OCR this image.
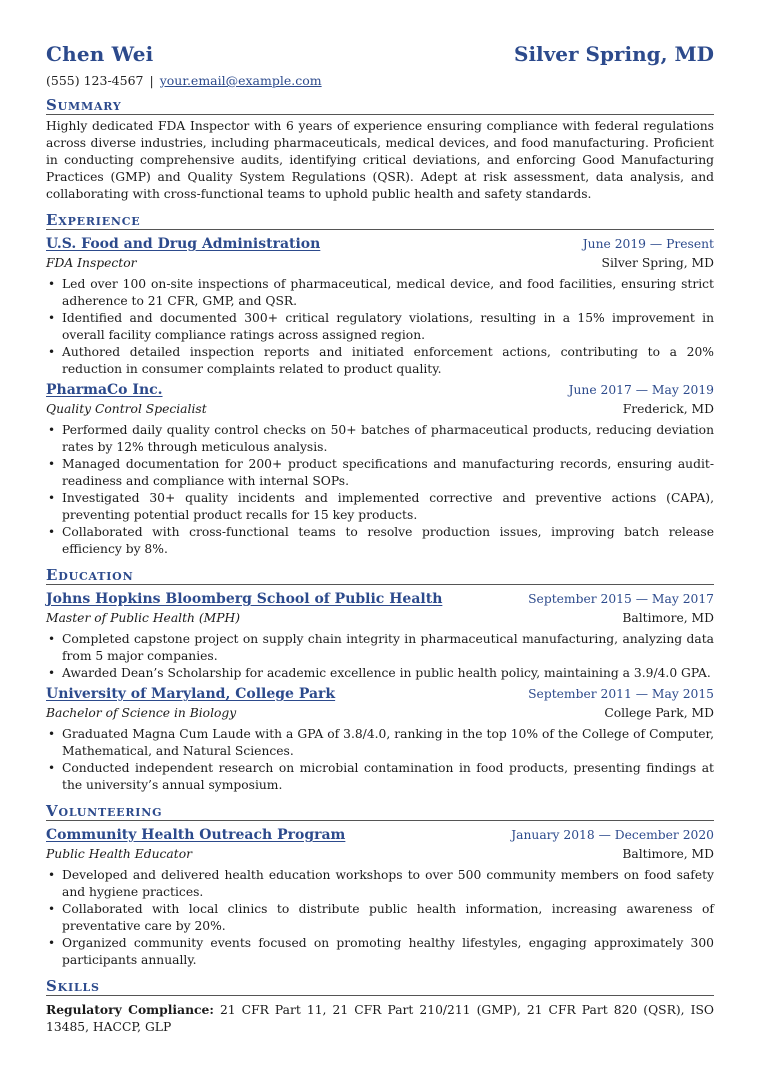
Chen Wei	Silver Spring, MD
(555) 123-4567 | your.email@example.com
Summary
Highly dedicated FDA Inspector with 6 years of experience ensuring compliance with federal regulations across diverse industries, including pharmaceuticals, medical devices, and food manufacturing. Proficient in conducting comprehensive audits, identifying critical deviations, and enforcing Good Manufacturing Practices (GMP) and Quality System Regulations (QSR). Adept at risk assessment, data analysis, and collaborating with cross-functional teams to uphold public health and safety standards.
Experience
U.S. Food and Drug Administration	June 2019 — Present
FDA Inspector	Silver Spring, MD
• Led over 100 on-site inspections of pharmaceutical, medical device, and food facilities, ensuring strict adherence to 21 CFR, GMP, and QSR.
• Identified and documented 300+ critical regulatory violations, resulting in a 15% improvement in overall facility compliance ratings across assigned region.
• Authored detailed inspection reports and initiated enforcement actions, contributing to a 20% reduction in consumer complaints related to product quality.
PharmaCo Inc.	June 2017 — May 2019
Quality Control Specialist	Frederick, MD
• Performed daily quality control checks on 50+ batches of pharmaceutical products, reducing deviation rates by 12% through meticulous analysis.
• Managed documentation for 200+ product specifications and manufacturing records, ensuring audit-readiness and compliance with internal SOPs.
• Investigated 30+ quality incidents and implemented corrective and preventive actions (CAPA), preventing potential product recalls for 15 key products.
• Collaborated with cross-functional teams to resolve production issues, improving batch release efficiency by 8%.
Education
Johns Hopkins Bloomberg School of Public Health	September 2015 — May 2017
Master of Public Health (MPH)	Baltimore, MD
• Completed capstone project on supply chain integrity in pharmaceutical manufacturing, analyzing data from 5 major companies.
• Awarded Dean’s Scholarship for academic excellence in public health policy, maintaining a 3.9/4.0 GPA.
University of Maryland, College Park	September 2011 — May 2015
Bachelor of Science in Biology	College Park, MD
• Graduated Magna Cum Laude with a GPA of 3.8/4.0, ranking in the top 10% of the College of Computer, Mathematical, and Natural Sciences.
• Conducted independent research on microbial contamination in food products, presenting findings at the university’s annual symposium.
Volunteering
Community Health Outreach Program	January 2018 — December 2020
Public Health Educator	Baltimore, MD
• Developed and delivered health education workshops to over 500 community members on food safety and hygiene practices.
• Collaborated with local clinics to distribute public health information, increasing awareness of preventative care by 20%.
• Organized community events focused on promoting healthy lifestyles, engaging approximately 300 participants annually.
Skills
Regulatory Compliance: 21 CFR Part 11, 21 CFR Part 210/211 (GMP), 21 CFR Part 820 (QSR), ISO 13485, HACCP, GLP
